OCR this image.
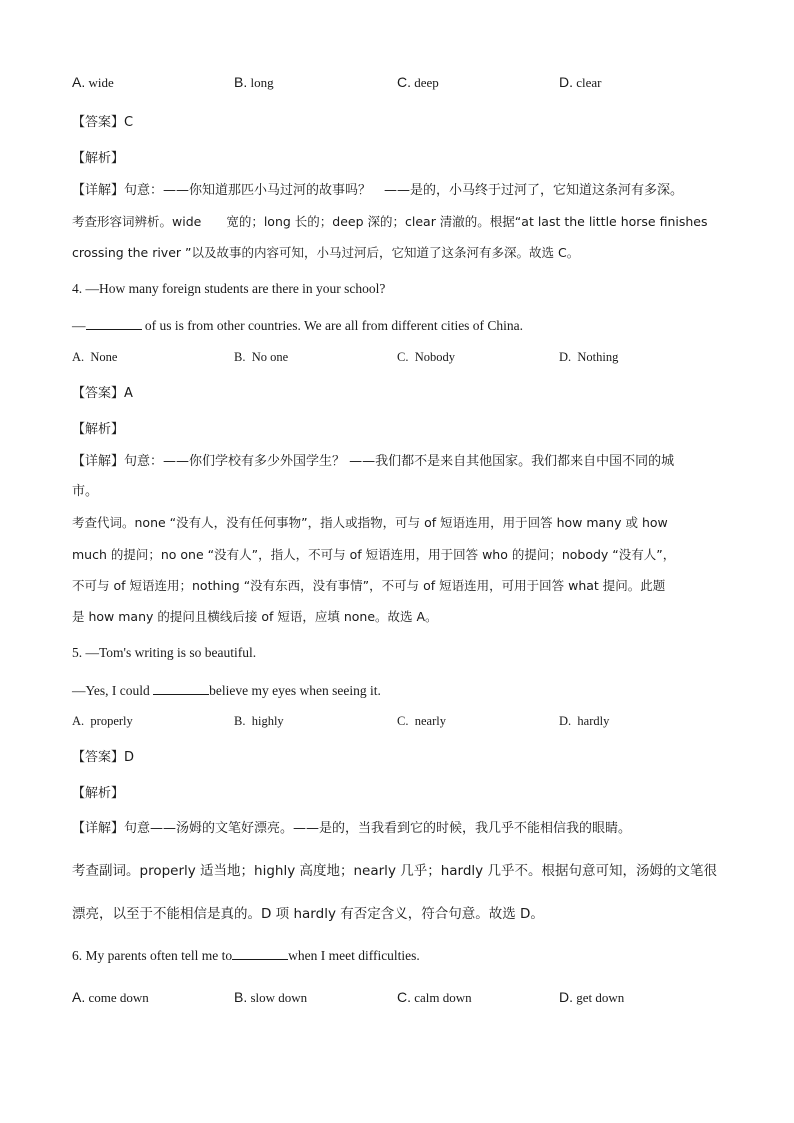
A. wide	B. long	C. deep	D. clear
【答案】C
【解析】
【详解】句意：——你知道那匹小马过河的故事吗？　——是的，小马终于过河了，它知道这条河有多深。
考查形容词辨析。wide　　宽的；long 长的；deep 深的；clear 清澈的。根据“at last the little horse finishes
crossing the river ”以及故事的内容可知，小马过河后，它知道了这条河有多深。故选 C。
4. —How many foreign students are there in your school?
—	of us is from other countries. We are all from different cities of China.
A. None	B. No one	C. Nobody	D. Nothing
【答案】A
【解析】
【详解】句意：——你们学校有多少外国学生？ ——我们都不是来自其他国家。我们都来自中国不同的城
市。
考查代词。none “没有人，没有任何事物”，指人或指物，可与 of 短语连用，用于回答 how many 或 how
much 的提问；no one “没有人”，指人，不可与 of 短语连用，用于回答 who 的提问；nobody “没有人”，
不可与 of 短语连用；nothing “没有东西，没有事情”，不可与 of 短语连用，可用于回答 what 提问。此题
是 how many 的提问且横线后接 of 短语，应填 none。故选 A。
5. —Tom's writing is so beautiful.
—Yes, I could	believe my eyes when seeing it.
A. properly	B. highly	C. nearly	D. hardly
【答案】D
【解析】
【详解】句意——汤姆的文笔好漂亮。——是的，当我看到它的时候，我几乎不能相信我的眼睛。
考查副词。properly 适当地；highly 高度地；nearly 几乎；hardly 几乎不。根据句意可知，汤姆的文笔很
漂亮，以至于不能相信是真的。D 项 hardly 有否定含义，符合句意。故选 D。
6. My parents often tell me to	when I meet difficulties.
A. come down	B. slow down	C. calm down	D. get down
